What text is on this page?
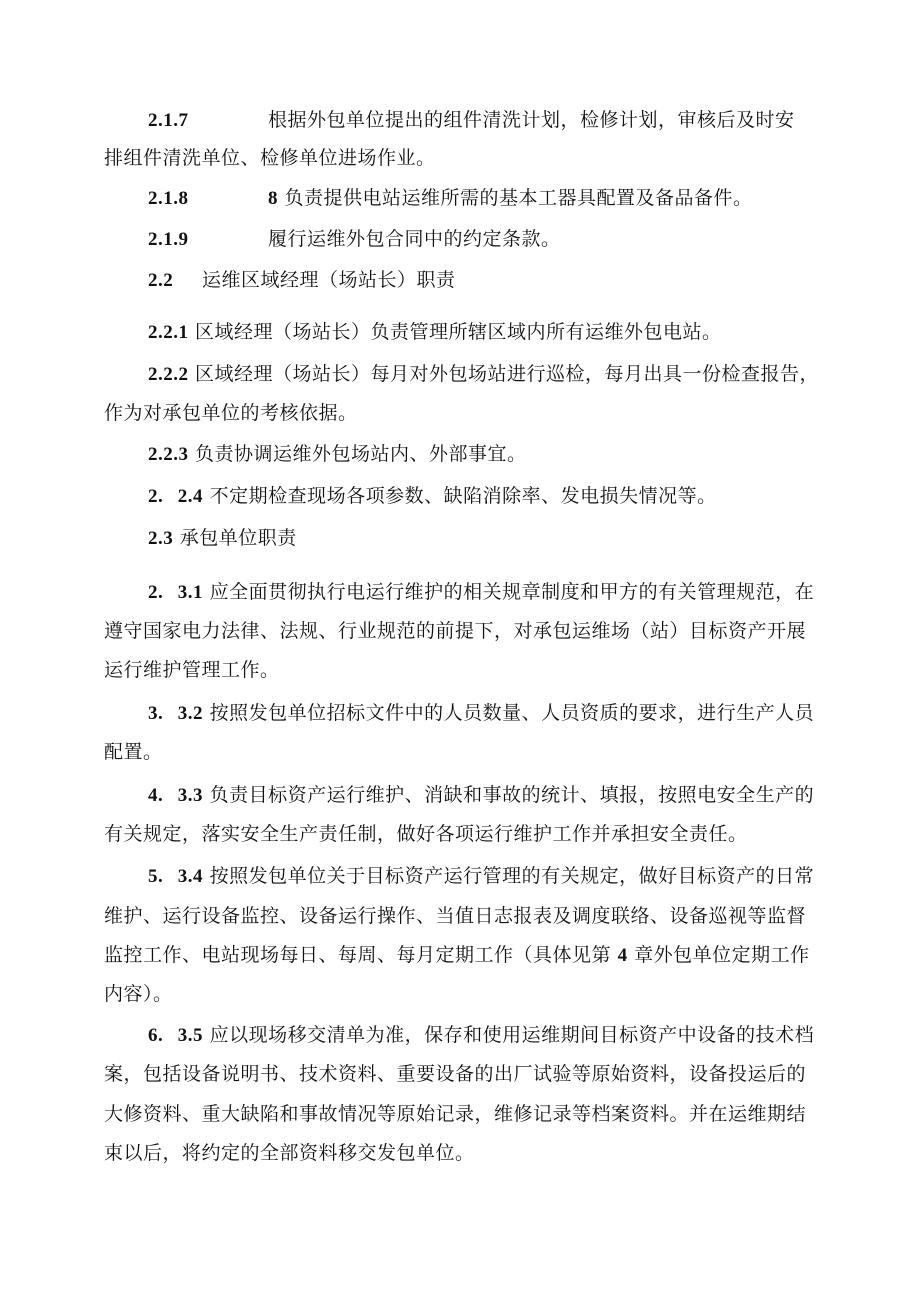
2.1.7	根据外包单位提出的组件清洗计划，检修计划，审核后及时安
排组件清洗单位、检修单位进场作业。
2.1.8	8 负责提供电站运维所需的基本工器具配置及备品备件。
2.1.9	履行运维外包合同中的约定条款。
2.2 运维区域经理（场站长）职责
2.2.1 区域经理（场站长）负责管理所辖区域内所有运维外包电站。
2.2.2 区域经理（场站长）每月对外包场站进行巡检，每月出具一份检查报告，
作为对承包单位的考核依据。
2.2.3 负责协调运维外包场站内、外部事宜。
2. 2.4 不定期检查现场各项参数、缺陷消除率、发电损失情况等。
2.3 承包单位职责
2. 3.1 应全面贯彻执行电运行维护的相关规章制度和甲方的有关管理规范，在
遵守国家电力法律、法规、行业规范的前提下，对承包运维场（站）目标资产开展
运行维护管理工作。
3. 3.2 按照发包单位招标文件中的人员数量、人员资质的要求，进行生产人员
配置。
4. 3.3 负责目标资产运行维护、消缺和事故的统计、填报，按照电安全生产的
有关规定，落实安全生产责任制，做好各项运行维护工作并承担安全责任。
5. 3.4 按照发包单位关于目标资产运行管理的有关规定，做好目标资产的日常
维护、运行设备监控、设备运行操作、当值日志报表及调度联络、设备巡视等监督
监控工作、电站现场每日、每周、每月定期工作（具体见第 4 章外包单位定期工作
内容）。
6. 3.5 应以现场移交清单为准，保存和使用运维期间目标资产中设备的技术档
案，包括设备说明书、技术资料、重要设备的出厂试验等原始资料，设备投运后的
大修资料、重大缺陷和事故情况等原始记录，维修记录等档案资料。并在运维期结
束以后，将约定的全部资料移交发包单位。
